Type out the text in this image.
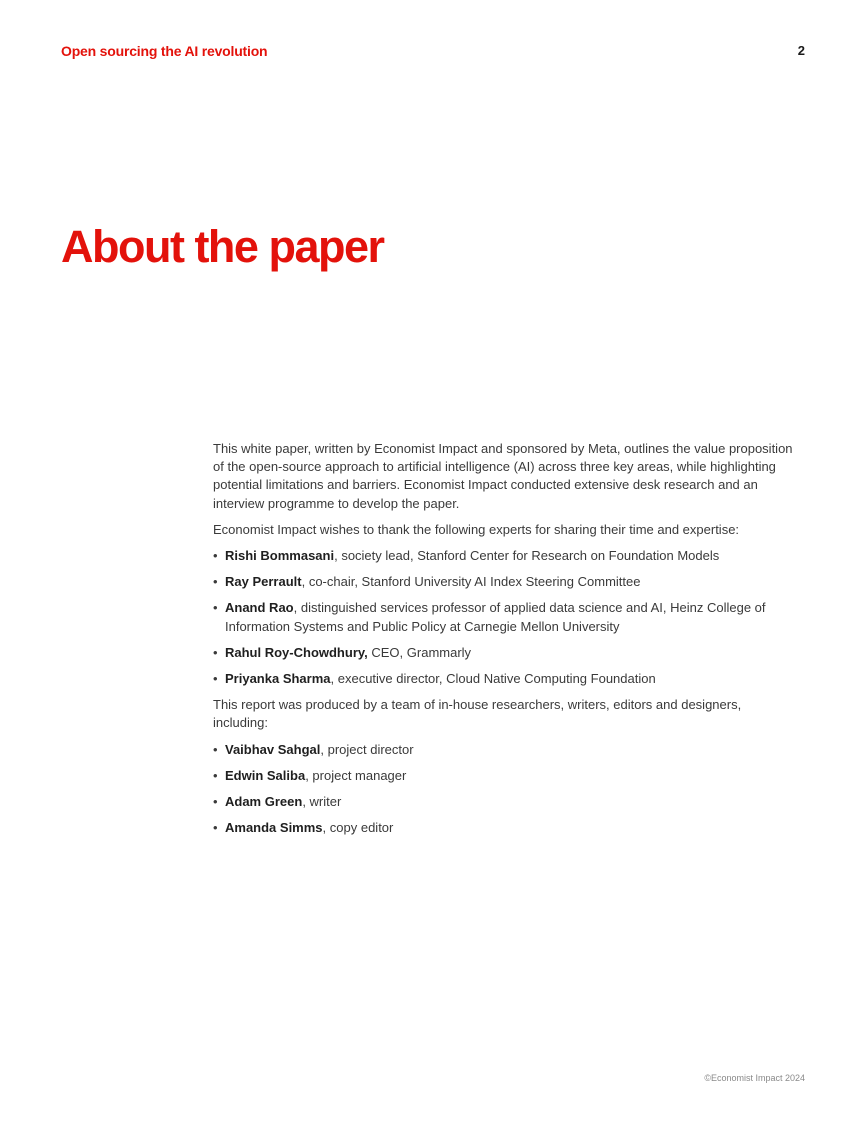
Open sourcing the AI revolution	2
About the paper

This white paper, written by Economist Impact and sponsored by Meta, outlines the value proposition of the open-source approach to artificial intelligence (AI) across three key areas, while highlighting potential limitations and barriers. Economist Impact conducted extensive desk research and an interview programme to develop the paper.

Economist Impact wishes to thank the following experts for sharing their time and expertise:

• Rishi Bommasani, society lead, Stanford Center for Research on Foundation Models
• Ray Perrault, co-chair, Stanford University AI Index Steering Committee
• Anand Rao, distinguished services professor of applied data science and AI, Heinz College of Information Systems and Public Policy at Carnegie Mellon University
• Rahul Roy-Chowdhury, CEO, Grammarly
• Priyanka Sharma, executive director, Cloud Native Computing Foundation

This report was produced by a team of in-house researchers, writers, editors and designers, including:

• Vaibhav Sahgal, project director
• Edwin Saliba, project manager
• Adam Green, writer
• Amanda Simms, copy editor
©Economist Impact 2024
